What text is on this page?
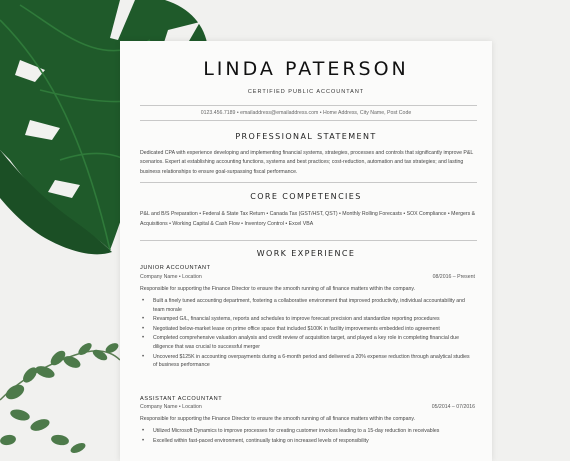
LINDA PATERSON
CERTIFIED PUBLIC ACCOUNTANT
0123.456.7189 • emailaddress@emailaddress.com • Home Address, City Name, Post Code
PROFESSIONAL STATEMENT
Dedicated CPA with experience developing and implementing financial systems, strategies, processes and controls that significantly improve P&L scenarios. Expert at establishing accounting functions, systems and best practices; cost-reduction, automation and tax strategies; and lasting business relationships to ensure goal-surpassing fiscal performance.
CORE COMPETENCIES
P&L and B/S Preparation • Federal & State Tax Return • Canada Tax (GST/HST, QST) • Monthly Rolling Forecasts • SOX Compliance • Mergers & Acquisitions • Working Capital & Cash Flow • Inventory Control • Excel VBA
WORK EXPERIENCE
JUNIOR ACCOUNTANT
Company Name • Location	08/2016 – Present
Responsible for supporting the Finance Director to ensure the smooth running of all finance matters within the company.
• Built a finely tuned accounting department, fostering a collaborative environment that improved productivity, individual accountability and team morale
• Revamped G/L, financial systems, reports and schedules to improve forecast precision and standardize reporting procedures
• Negotiated below-market lease on prime office space that included $100K in facility improvements embedded into agreement
• Completed comprehensive valuation analysis and credit review of acquisition target, and played a key role in completing financial due diligence that was crucial to successful merger
• Uncovered $125K in accounting overpayments during a 6-month period and delivered a 20% expense reduction through analytical studies of business performance
ASSISTANT ACCOUNTANT
Company Name • Location	05/2014 – 07/2016
Responsible for supporting the Finance Director to ensure the smooth running of all finance matters within the company.
• Utilized Microsoft Dynamics to improve processes for creating customer invoices leading to a 15-day reduction in receivables
• Excelled within fast-paced environment, continually taking on increased levels of responsibility
